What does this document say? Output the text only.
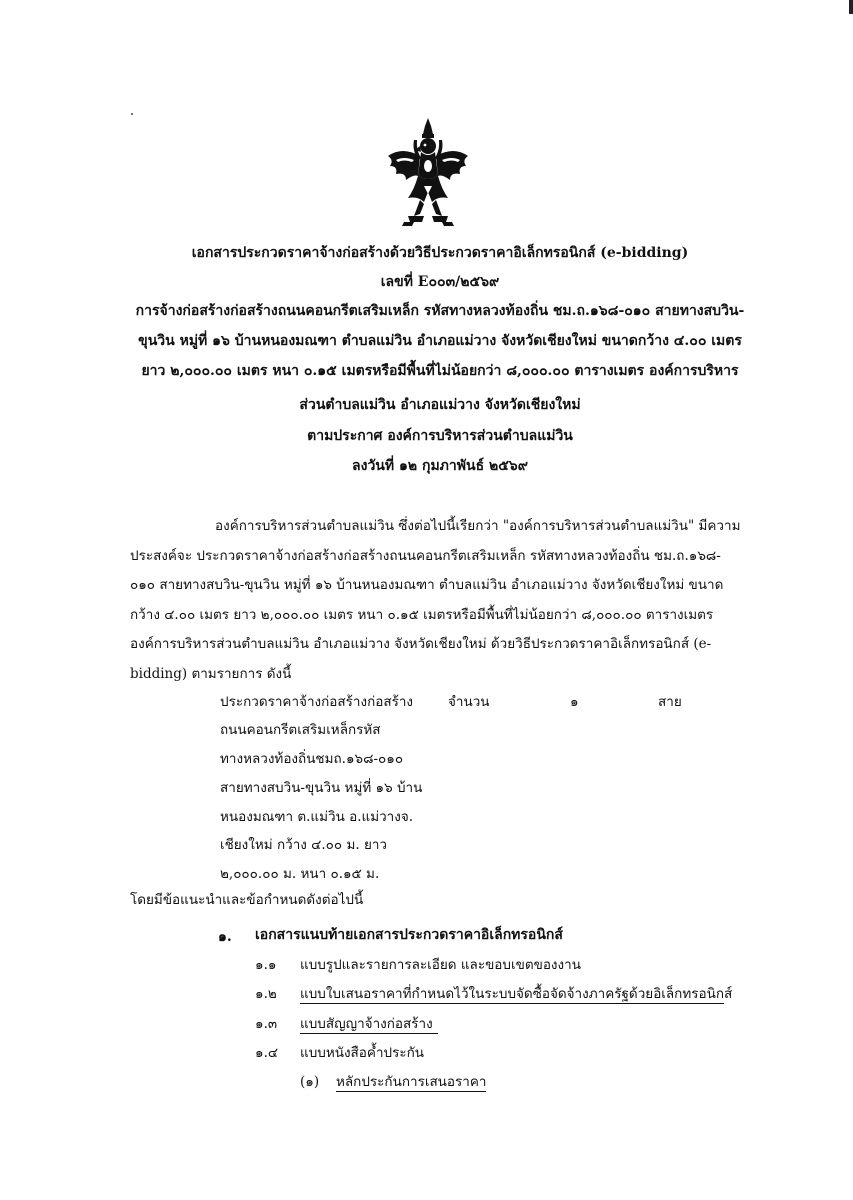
เอกสารประกวดราคาจ้างก่อสร้างด้วยวิธีประกวดราคาอิเล็กทรอนิกส์ (e-bidding)
เลขที่ E๐๐๓/๒๕๖๙
การจ้างก่อสร้างก่อสร้างถนนคอนกรีตเสริมเหล็ก รหัสทางหลวงท้องถิ่น ชม.ถ.๑๖๘-๐๑๐ สายทางสบวิน-
ขุนวิน หมู่ที่ ๑๖ บ้านหนองมณฑา ตำบลแม่วิน อำเภอแม่วาง จังหวัดเชียงใหม่ ขนาดกว้าง ๔.๐๐ เมตร
ยาว ๒,๐๐๐.๐๐ เมตร หนา ๐.๑๕ เมตรหรือมีพื้นที่ไม่น้อยกว่า ๘,๐๐๐.๐๐ ตารางเมตร องค์การบริหาร
ส่วนตำบลแม่วิน อำเภอแม่วาง จังหวัดเชียงใหม่
ตามประกาศ องค์การบริหารส่วนตำบลแม่วิน
ลงวันที่ ๑๒ กุมภาพันธ์ ๒๕๖๙
องค์การบริหารส่วนตำบลแม่วิน ซึ่งต่อไปนี้เรียกว่า "องค์การบริหารส่วนตำบลแม่วิน" มีความ
ประสงค์จะ ประกวดราคาจ้างก่อสร้างก่อสร้างถนนคอนกรีตเสริมเหล็ก รหัสทางหลวงท้องถิ่น ชม.ถ.๑๖๘-
๐๑๐ สายทางสบวิน-ขุนวิน หมู่ที่ ๑๖ บ้านหนองมณฑา ตำบลแม่วิน อำเภอแม่วาง จังหวัดเชียงใหม่ ขนาด
กว้าง ๔.๐๐ เมตร ยาว ๒,๐๐๐.๐๐ เมตร หนา ๐.๑๕ เมตรหรือมีพื้นที่ไม่น้อยกว่า ๘,๐๐๐.๐๐ ตารางเมตร
องค์การบริหารส่วนตำบลแม่วิน อำเภอแม่วาง จังหวัดเชียงใหม่ ด้วยวิธีประกวดราคาอิเล็กทรอนิกส์ (e-
bidding) ตามรายการ ดังนี้
ประกวดราคาจ้างก่อสร้างก่อสร้าง	จำนวน	๑	สาย
ถนนคอนกรีตเสริมเหล็กรหัส
ทางหลวงท้องถิ่นชมถ.๑๖๘-๐๑๐
สายทางสบวิน-ขุนวิน หมู่ที่ ๑๖ บ้าน
หนองมณฑา ต.แม่วิน อ.แม่วางจ.
เชียงใหม่ กว้าง ๔.๐๐ ม. ยาว
๒,๐๐๐.๐๐ ม. หนา ๐.๑๕ ม.
โดยมีข้อแนะนำและข้อกำหนดดังต่อไปนี้
๑. เอกสารแนบท้ายเอกสารประกวดราคาอิเล็กทรอนิกส์
๑.๑ แบบรูปและรายการละเอียด และขอบเขตของงาน
๑.๒ แบบใบเสนอราคาที่กำหนดไว้ในระบบจัดซื้อจัดจ้างภาครัฐด้วยอิเล็กทรอนิกส์
๑.๓ แบบสัญญาจ้างก่อสร้าง
๑.๔ แบบหนังสือค้ำประกัน
(๑) หลักประกันการเสนอราคา
